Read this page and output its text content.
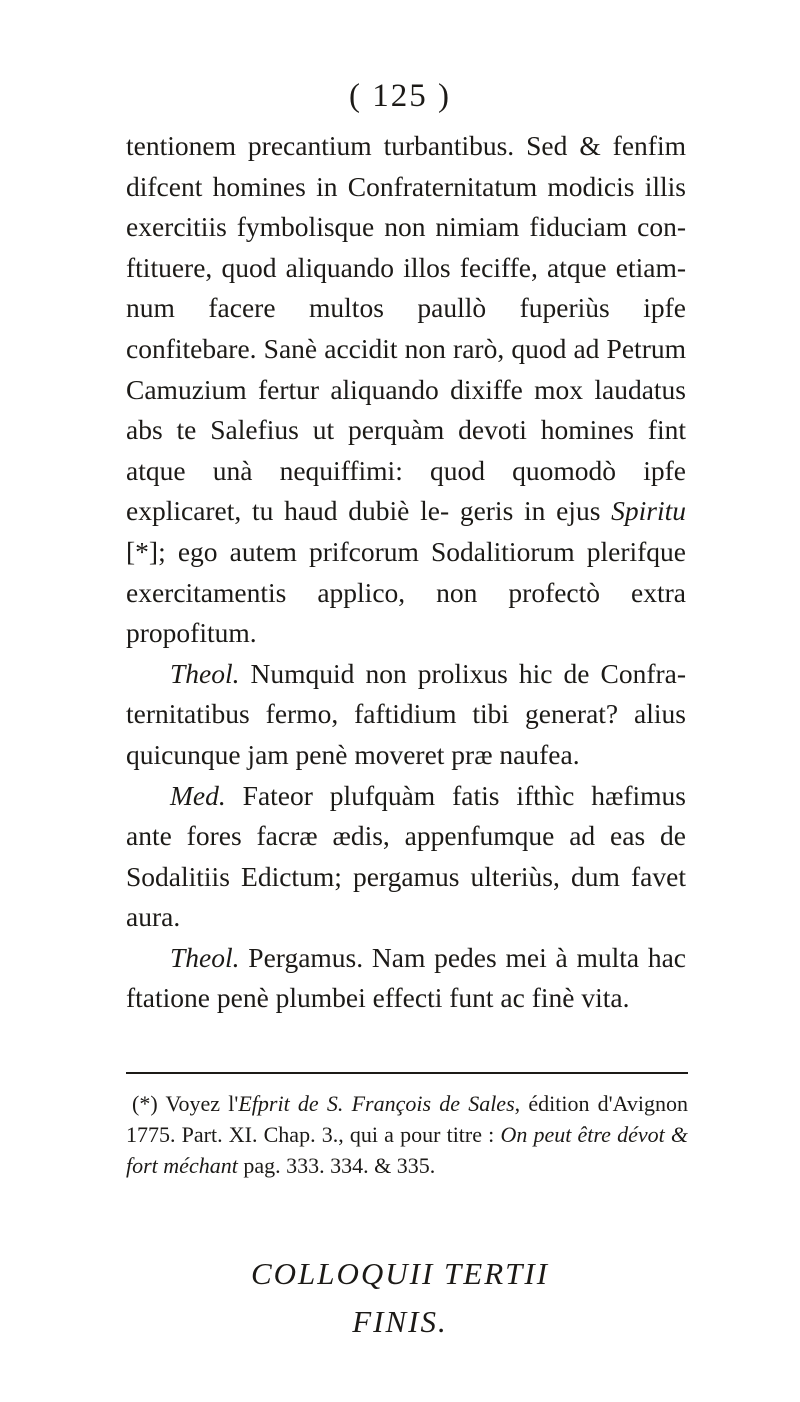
( 125 )

tentionem precantium turbantibus. Sed & fenfim difcent homines in Confraternitatum modicis illis exercitiis fymbolisque non nimiam fiduciam con- ftituere, quod aliquando illos feciffe, atque etiam- num facere multos paullò fuperiùs ipfe confitebare. Sanè accidit non rarò, quod ad Petrum Camuzium fertur aliquando dixiffe mox laudatus abs te Salefius ut perquàm devoti homines fint atque unà nequiffimi: quod quomodò ipfe explicaret, tu haud dubiè le- geris in ejus Spiritu [*]; ego autem prifcorum Sodalitiorum plerifque exercitamentis applico, non profectò extra propofitum.

Theol. Numquid non prolixus hic de Confra- ternitatibus fermo, faftidium tibi generat? alius quicunque jam penè moveret præ naufea.

Med. Fateor plufquàm fatis ifthìc hæfimus ante fores facræ ædis, appenfumque ad eas de Sodalitiis Edictum; pergamus ulteriùs, dum favet aura.

Theol. Pergamus. Nam pedes mei à multa hac ftatione penè plumbei effecti funt ac finè vita.

(*) Voyez l'Efprit de S. François de Sales, édition d'Avignon 1775. Part. XI. Chap. 3., qui a pour titre : On peut être dévot & fort méchant pag. 333. 334. & 335.

COLLOQUII TERTII
FINIS.
